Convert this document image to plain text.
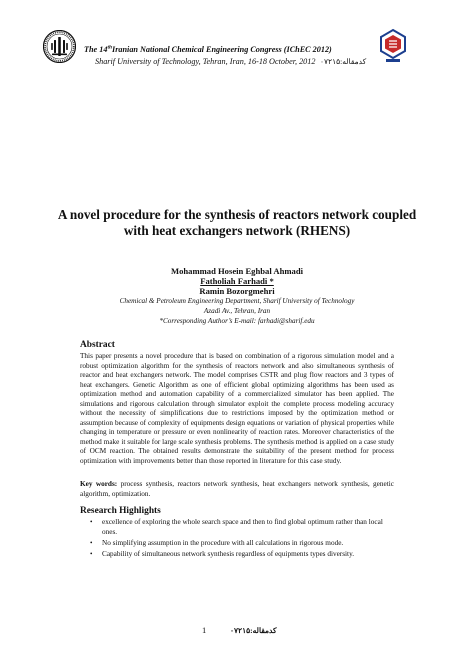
The 14thIranian National Chemical Engineering Congress (IChEC 2012)
Sharif University of Technology, Tehran, Iran, 16-18 October, 2012 کدمقاله:۰۷۲۱۵
A novel procedure for the synthesis of reactors network coupled
with heat exchangers network (RHENS)
Mohammad Hosein Eghbal Ahmadi
Fatholiah Farhadi *
Ramin Bozorgmehri
Chemical & Petroleum Engineering Department, Sharif University of Technology
Azadi Av., Tehran, Iran
*Corresponding Author’s E-mail: farhadi@sharif.edu
Abstract
This paper presents a novel procedure that is based on combination of a rigorous simulation model and a robust optimization algorithm for the synthesis of reactors network and also simultaneous synthesis of reactor and heat exchangers network. The model comprises CSTR and plug flow reactors and 3 types of heat exchangers. Genetic Algorithm as one of efficient global optimizing algorithms has been used as optimization method and automation capability of a commercialized simulator has been applied. The simulations and rigorous calculation through simulator exploit the complete process modeling accuracy without the necessity of simplifications due to restrictions imposed by the optimization method or assumption because of complexity of equipments design equations or variation of physical properties while changing in temperature or pressure or even nonlinearity of reaction rates. Moreover characteristics of the method make it suitable for large scale synthesis problems. The synthesis method is applied on a case study of OCM reaction. The obtained results demonstrate the suitability of the present method for process optimization with improvements better than those reported in literature for this case study.
Key words: process synthesis, reactors network synthesis, heat exchangers network synthesis, genetic algorithm, optimization.
Research Highlights
• excellence of exploring the whole search space and then to find global optimum rather than local ones.
• No simplifying assumption in the procedure with all calculations in rigorous mode.
• Capability of simultaneous network synthesis regardless of equipments types diversity.
1	کدمقاله:۰۷۲۱۵
